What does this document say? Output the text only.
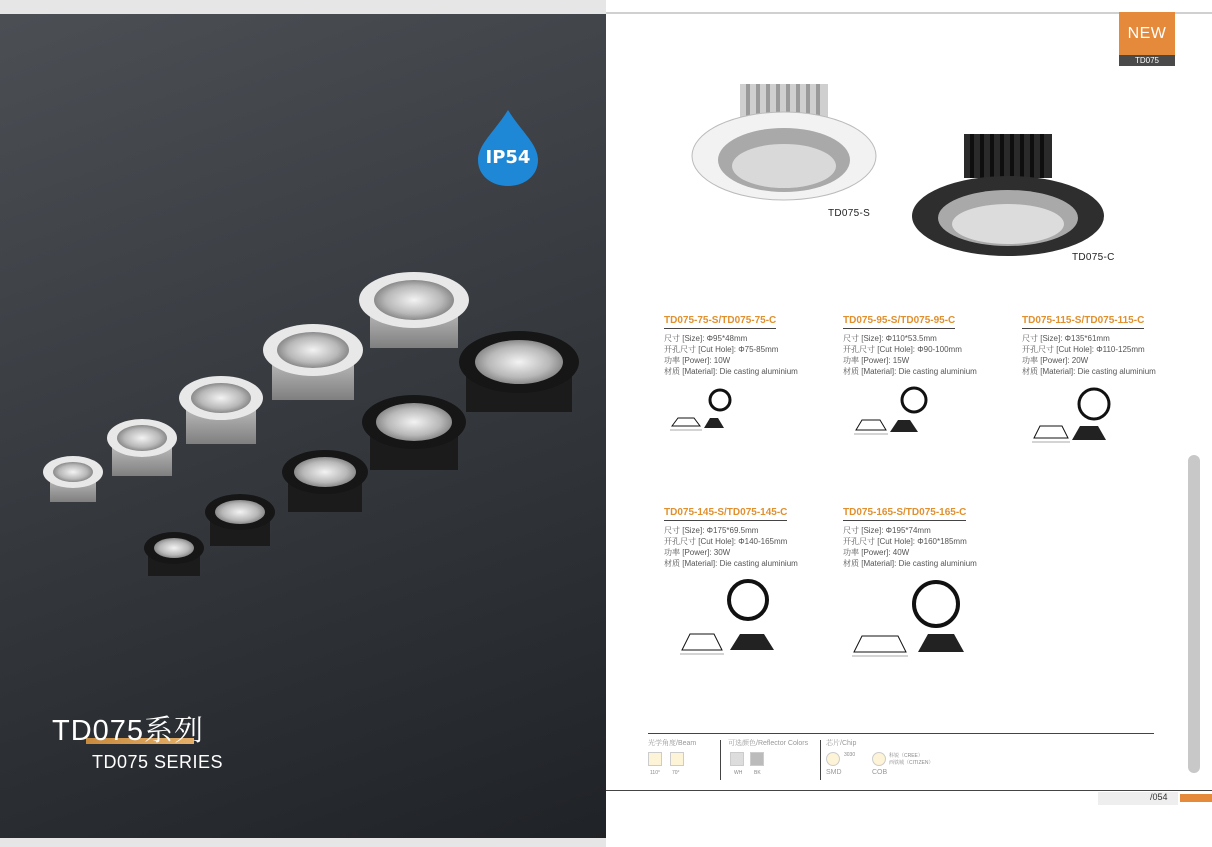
IP54
TD075系列
TD075 SERIES
NEW
TD075
TD075-S
TD075-C
TD075-75-S/TD075-75-C
尺寸 [Size]: Φ95*48mm
开孔尺寸 [Cut Hole]: Φ75-85mm
功率 [Power]: 10W
材质 [Material]: Die casting aluminium
TD075-95-S/TD075-95-C
尺寸 [Size]: Φ110*53.5mm
开孔尺寸 [Cut Hole]: Φ90-100mm
功率 [Power]: 15W
材质 [Material]: Die casting aluminium
TD075-115-S/TD075-115-C
尺寸 [Size]: Φ135*61mm
开孔尺寸 [Cut Hole]: Φ110-125mm
功率 [Power]: 20W
材质 [Material]: Die casting aluminium
TD075-145-S/TD075-145-C
尺寸 [Size]: Φ175*69.5mm
开孔尺寸 [Cut Hole]: Φ140-165mm
功率 [Power]: 30W
材质 [Material]: Die casting aluminium
TD075-165-S/TD075-165-C
尺寸 [Size]: Φ195*74mm
开孔尺寸 [Cut Hole]: Φ160*185mm
功率 [Power]: 40W
材质 [Material]: Die casting aluminium
光学角度/Beam
110° 70°
可选颜色/Reflector Colors
WH BK
芯片/Chip
3030
SMD
科锐（CREE）
西铁城（CITIZEN）
COB
/054
